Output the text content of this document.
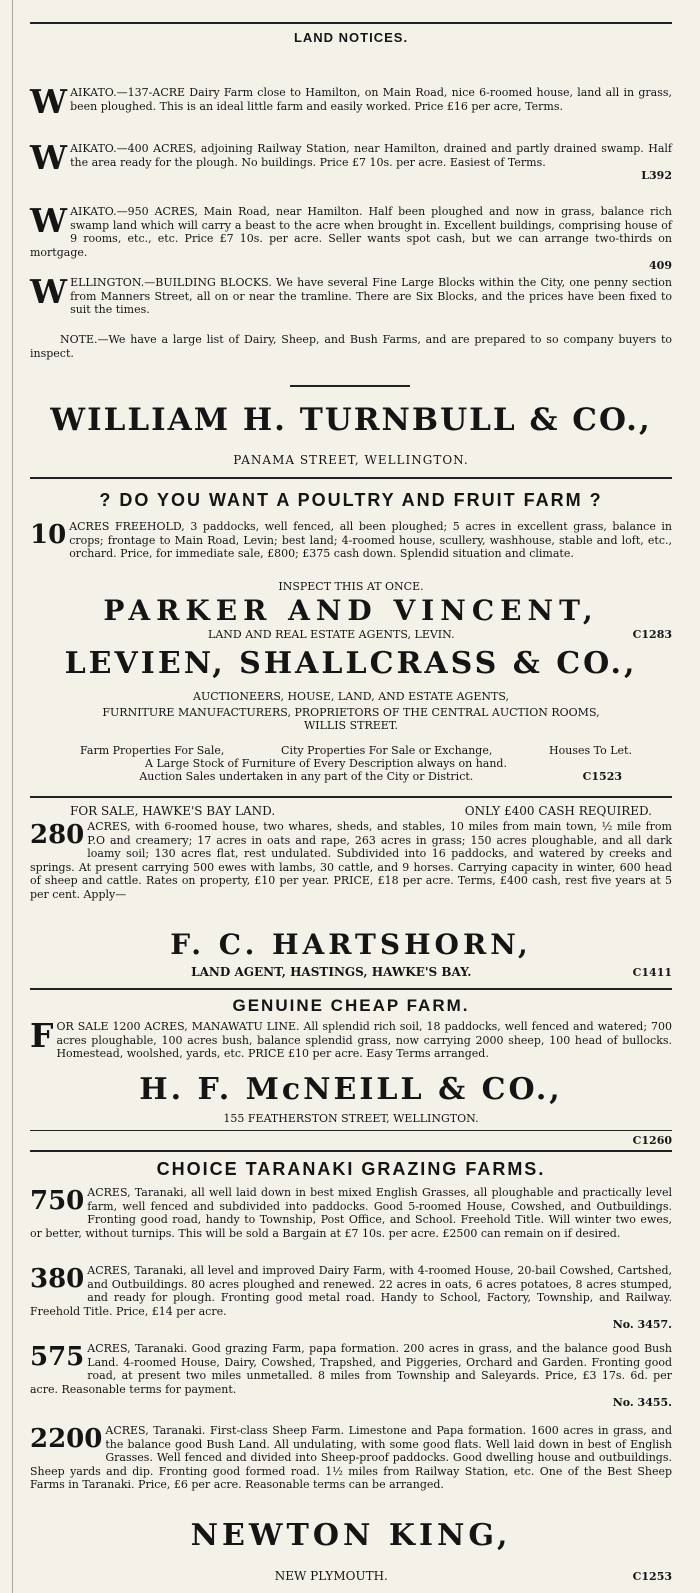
LAND NOTICES.
W AIKATO.—137-ACRE Dairy Farm close to Hamilton, on Main Road, nice 6-roomed house, land all in grass, been ploughed. This is an ideal little farm and easily worked. Price £16 per acre, Terms.

W AIKATO.—400 ACRES, adjoining Railway Station, near Hamilton, drained and partly drained swamp. Half the area ready for the plough. No buildings. Price £7 10s. per acre. Easiest of Terms.

L392
W AIKATO.—950 ACRES, Main Road, near Hamilton. Half been ploughed and now in grass, balance rich swamp land which will carry a beast to the acre when brought in. Excellent buildings, comprising house of 9 rooms, etc., etc. Price £7 10s. per acre. Seller wants spot cash, but we can arrange two-thirds on mortgage.

409
W ELLINGTON.—BUILDING BLOCKS. We have several Fine Large Blocks within the City, one penny section from Manners Street, all on or near the tramline. There are Six Blocks, and the prices have been fixed to suit the times.

NOTE.—We have a large list of Dairy, Sheep, and Bush Farms, and are prepared to so company buyers to inspect.

WILLIAM H. TURNBULL & CO.,
PANAMA STREET, WELLINGTON.
? DO YOU WANT A POULTRY AND FRUIT FARM ?
10 ACRES FREEHOLD, 3 paddocks, well fenced, all been ploughed; 5 acres in excellent grass, balance in crops; frontage to Main Road, Levin; best land; 4-roomed house, scullery, washhouse, stable and loft, etc., orchard. Price, for immediate sale, £800; £375 cash down. Splendid situation and climate.

INSPECT THIS AT ONCE.
PARKER AND VINCENT,
LAND AND REAL ESTATE AGENTS, LEVIN.	C1283
LEVIEN, SHALLCRASS & CO.,
AUCTIONEERS, HOUSE, LAND, AND ESTATE AGENTS,
FURNITURE MANUFACTURERS, PROPRIETORS OF THE CENTRAL AUCTION ROOMS, WILLIS STREET.
Farm Properties For Sale,	City Properties For Sale or Exchange,	Houses To Let.
A Large Stock of Furniture of Every Description always on hand.
Auction Sales undertaken in any part of the City or District.	C1523
FOR SALE, HAWKE'S BAY LAND.	ONLY £400 CASH REQUIRED.
280 ACRES, with 6-roomed house, two whares, sheds, and stables, 10 miles from main town, ½ mile from P.O and creamery; 17 acres in oats and rape, 263 acres in grass; 150 acres ploughable, and all dark loamy soil; 130 acres flat, rest undulated. Subdivided into 16 paddocks, and watered by creeks and springs. At present carrying 500 ewes with lambs, 30 cattle, and 9 horses. Carrying capacity in winter, 600 head of sheep and cattle. Rates on property, £10 per year. PRICE, £18 per acre. Terms, £400 cash, rest five years at 5 per cent. Apply—

F. C. HARTSHORN,
LAND AGENT, HASTINGS, HAWKE'S BAY.	C1411
GENUINE CHEAP FARM.
F OR SALE 1200 ACRES, MANAWATU LINE. All splendid rich soil, 18 paddocks, well fenced and watered; 700 acres ploughable, 100 acres bush, balance splendid grass, now carrying 2000 sheep, 100 head of bullocks. Homestead, woolshed, yards, etc. PRICE £10 per acre. Easy Terms arranged.

H. F. McNEILL & CO.,
155 FEATHERSTON STREET, WELLINGTON.
C1260
CHOICE TARANAKI GRAZING FARMS.
750 ACRES, Taranaki, all well laid down in best mixed English Grasses, all ploughable and practically level farm, well fenced and subdivided into paddocks. Good 5-roomed House, Cowshed, and Outbuildings. Fronting good road, handy to Township, Post Office, and School. Freehold Title. Will winter two ewes, or better, without turnips. This will be sold a Bargain at £7 10s. per acre. £2500 can remain on if desired.

380 ACRES, Taranaki, all level and improved Dairy Farm, with 4-roomed House, 20-bail Cowshed, Cartshed, and Outbuildings. 80 acres ploughed and renewed. 22 acres in oats, 6 acres potatoes, 8 acres stumped, and ready for plough. Fronting good metal road. Handy to School, Factory, Township, and Railway. Freehold Title. Price, £14 per acre.

No. 3457.
575 ACRES, Taranaki. Good grazing Farm, papa formation. 200 acres in grass, and the balance good Bush Land. 4-roomed House, Dairy, Cowshed, Trapshed, and Piggeries, Orchard and Garden. Fronting good road, at present two miles unmetalled. 8 miles from Township and Saleyards. Price, £3 17s. 6d. per acre. Reasonable terms for payment.

No. 3455.
2200 ACRES, Taranaki. First-class Sheep Farm. Limestone and Papa formation. 1600 acres in grass, and the balance good Bush Land. All undulating, with some good flats. Well laid down in best of English Grasses. Well fenced and divided into Sheep-proof paddocks. Good dwelling house and outbuildings. Sheep yards and dip. Fronting good formed road. 1½ miles from Railway Station, etc. One of the Best Sheep Farms in Taranaki. Price, £6 per acre. Reasonable terms can be arranged.

NEWTON KING,
NEW PLYMOUTH.	C1253
